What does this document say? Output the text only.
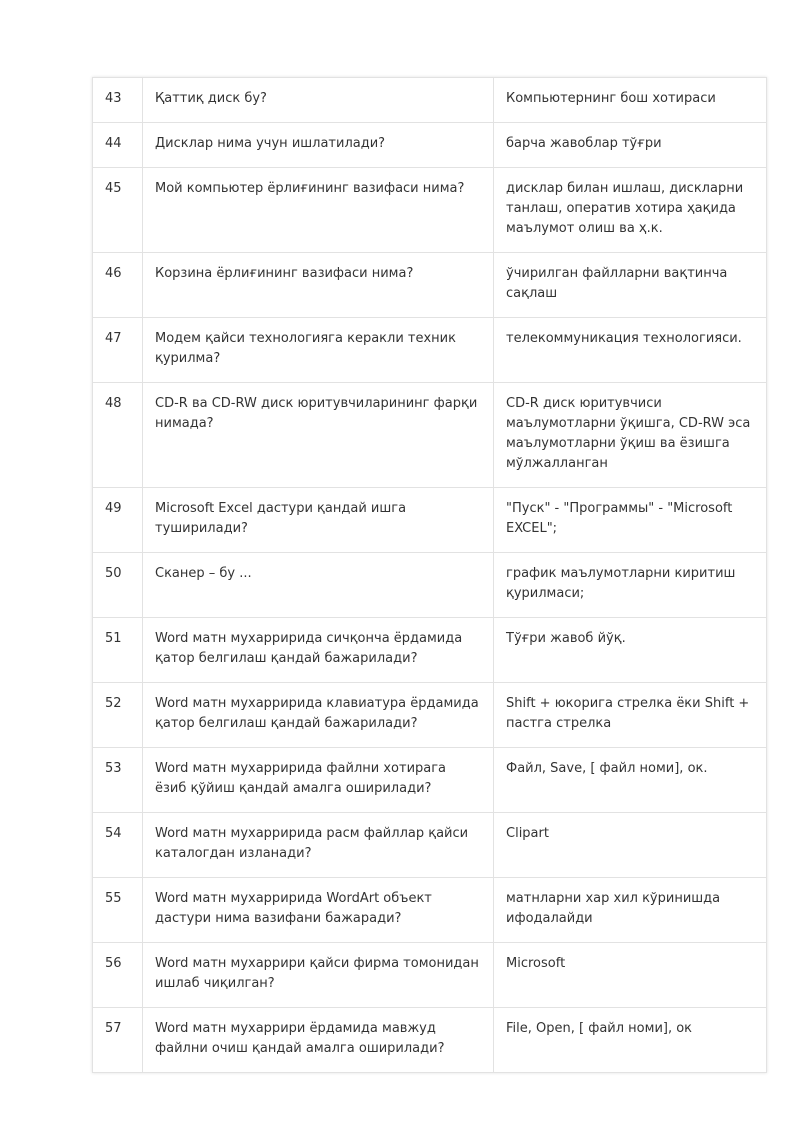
43	Қаттиқ диск бу?	Компьютернинг бош хотираси
44	Дисклар нима учун ишлатилади?	барча жавоблар тўғри
45	Мой компьютер ёрлиғининг вазифаси нима?	дисклар билан ишлаш, дискларни танлаш, оператив хотира ҳақида маълумот олиш ва ҳ.к.
46	Корзина ёрлиғининг вазифаси нима?	ўчирилган файлларни вақтинча сақлаш
47	Модем қайси технологияга керакли техник қурилма?	телекоммуникация технологияси.
48	CD-R ва CD-RW диск юритувчиларининг фарқи нимада?	CD-R диск юритувчиси маълумотларни ўқишга, CD-RW эса маълумотларни ўқиш ва ёзишга мўлжалланган
49	Microsoft Excel дастури қандай ишга туширилади?	"Пуск" - "Программы" - "Microsoft EXCEL";
50	Сканер – бу ...	график маълумотларни киритиш қурилмаси;
51	Word матн мухарририда сичқонча ёрдамида қатор белгилаш қандай бажарилади?	Тўғри жавоб йўқ.
52	Word матн мухарририда клавиатура ёрдамида қатор белгилаш қандай бажарилади?	Shift + юкорига стрелка ёки Shift + пастга стрелка
53	Word матн мухарририда файлни хотирага ёзиб қўйиш қандай амалга оширилади?	Файл, Save, [ файл номи], ок.
54	Word матн мухарририда расм файллар қайси каталогдан изланади?	Clipart
55	Word матн мухарририда WordArt объект дастури нима вазифани бажаради?	матнларни хар хил кўринишда ифодалайди
56	Word матн мухаррири қайси фирма томонидан ишлаб чиқилган?	Microsoft
57	Word матн мухаррири ёрдамида мавжуд файлни очиш қандай амалга оширилади?	File, Open, [ файл номи], ок
